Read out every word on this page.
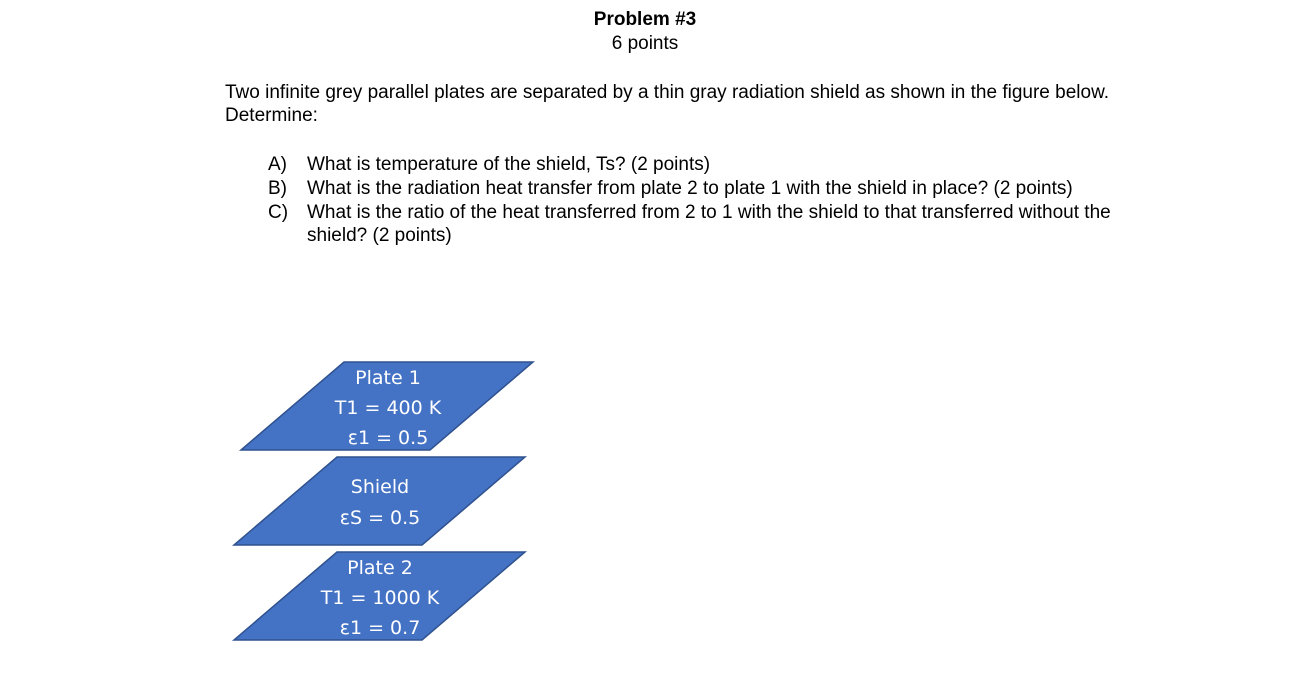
Problem #3
6 points
Two infinite grey parallel plates are separated by a thin gray radiation shield as shown in the figure below. Determine:
A) What is temperature of the shield, Ts? (2 points)
B) What is the radiation heat transfer from plate 2 to plate 1 with the shield in place? (2 points)
C) What is the ratio of the heat transferred from 2 to 1 with the shield to that transferred without the shield? (2 points)
Plate 1
T1 = 400 K
ε1 = 0.5
Shield
εS = 0.5
Plate 2
T1 = 1000 K
ε1 = 0.7
